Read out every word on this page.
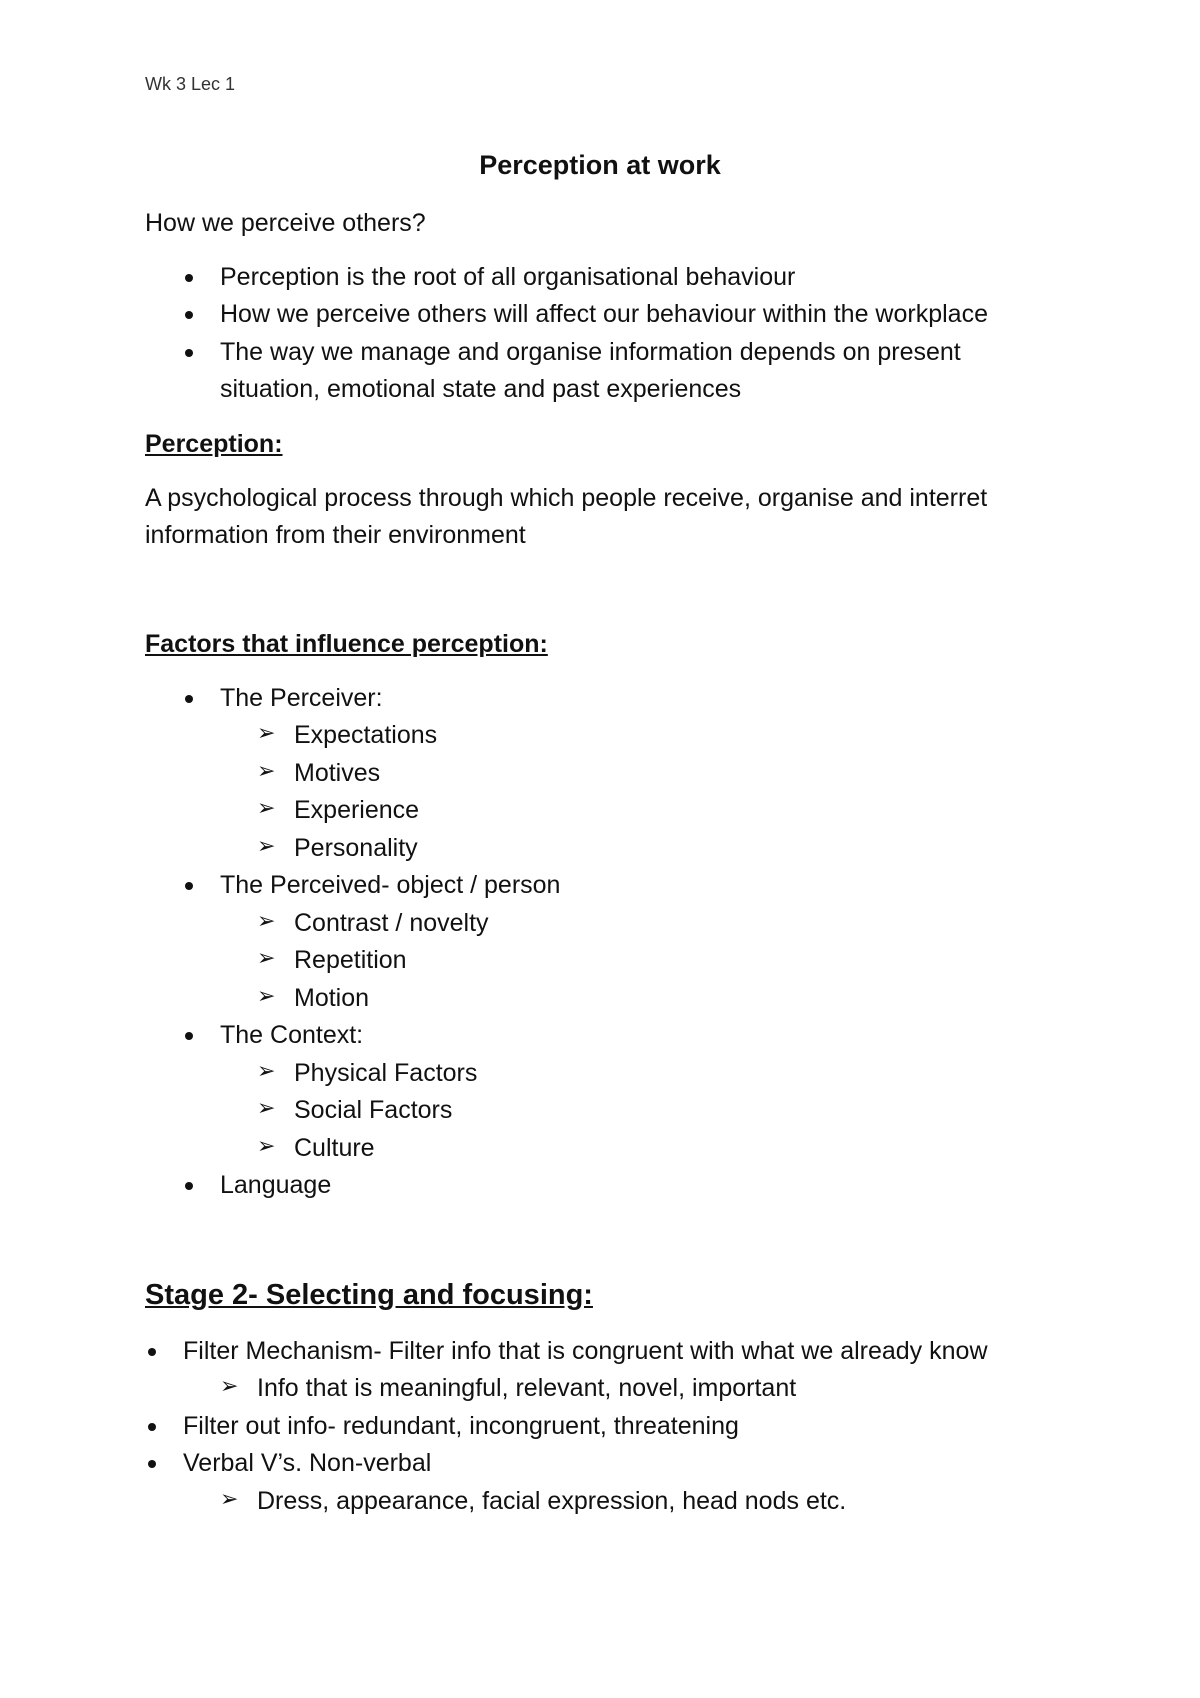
Wk 3 Lec 1
Perception at work
How we perceive others?
Perception is the root of all organisational behaviour
How we perceive others will affect our behaviour within the workplace
The way we manage and organise information depends on present
situation, emotional state and past experiences
Perception:
A psychological process through which people receive, organise and interret
information from their environment
Factors that influence perception:
The Perceiver:
➢ Expectations
➢ Motives
➢ Experience
➢ Personality
The Perceived- object / person
➢ Contrast / novelty
➢ Repetition
➢ Motion
The Context:
➢ Physical Factors
➢ Social Factors
➢ Culture
Language
Stage 2- Selecting and focusing:
Filter Mechanism- Filter info that is congruent with what we already know
➢ Info that is meaningful, relevant, novel, important
Filter out info- redundant, incongruent, threatening
Verbal V’s. Non-verbal
➢ Dress, appearance, facial expression, head nods etc.
